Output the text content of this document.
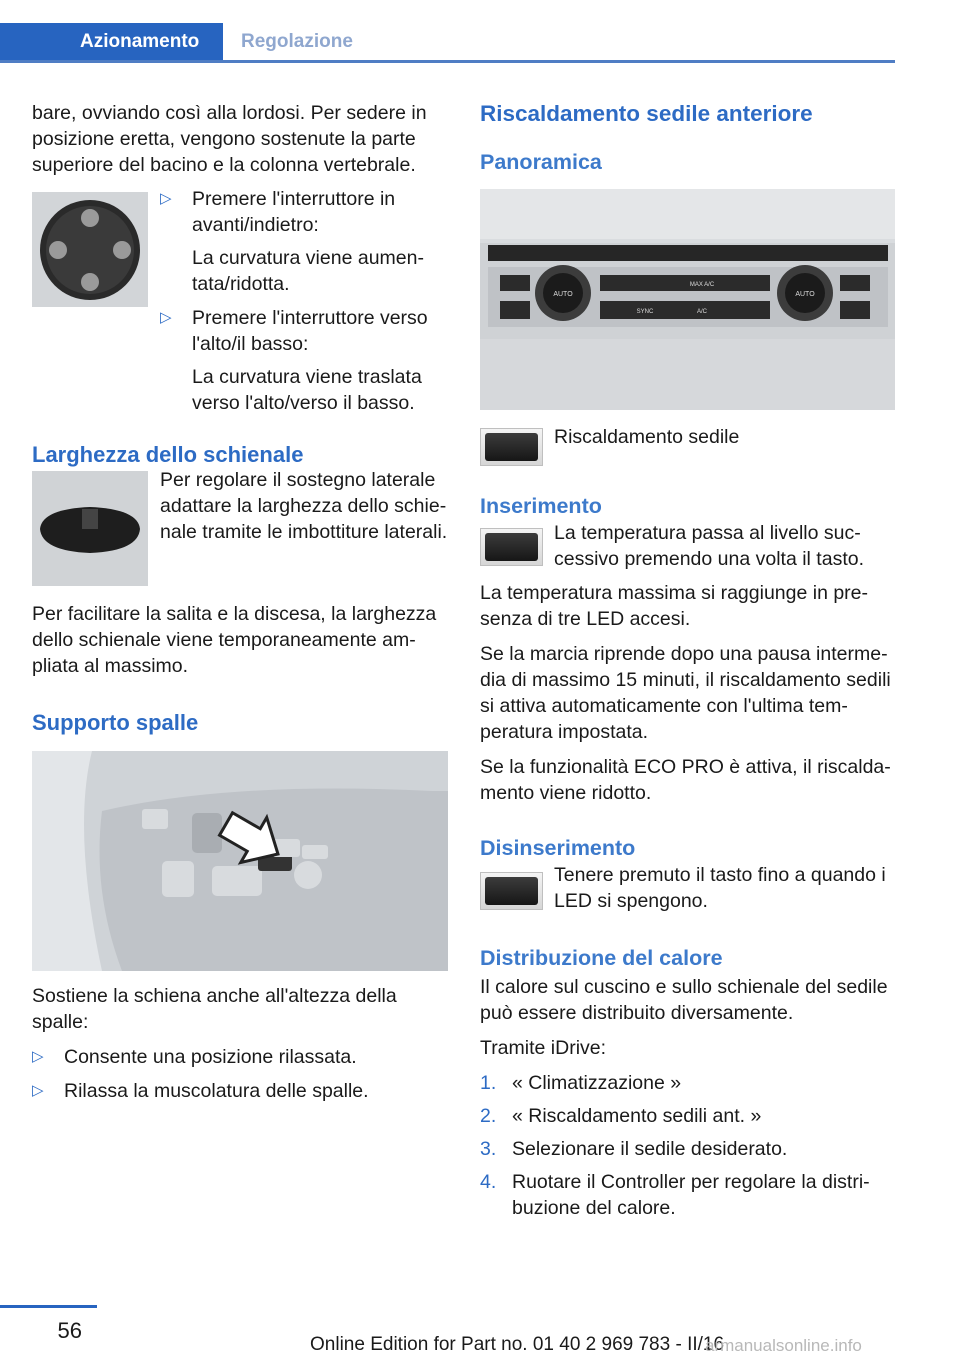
Azionamento	Regolazione

bare, ovviando così alla lordosi. Per sedere in posizione eretta, vengono sostenute la parte superiore del bacino e la colonna vertebrale.

▷ Premere l'interruttore in avanti/indietro:
La curvatura viene aumentata/ridotta.
▷ Premere l'interruttore verso l'alto/il basso:
La curvatura viene traslata verso l'alto/verso il basso.
Larghezza dello schienale
Per regolare il sostegno laterale adattare la larghezza dello schienale tramite le imbottiture laterali.

Per facilitare la salita e la discesa, la larghezza dello schienale viene temporaneamente ampliata al massimo.

Supporto spalle

Sostiene la schiena anche all'altezza della spalle:

▷ Consente una posizione rilassata.
▷ Rilassa la muscolatura delle spalle.
Riscaldamento sedile anteriore
Panoramica
AUTO
MAX A/C
SYNC	A/C
AUTO
Riscaldamento sedile
Inserimento
La temperatura passa al livello successivo premendo una volta il tasto.

La temperatura massima si raggiunge in presenza di tre LED accesi.

Se la marcia riprende dopo una pausa intermedia di massimo 15 minuti, il riscaldamento sedili si attiva automaticamente con l'ultima temperatura impostata.

Se la funzionalità ECO PRO è attiva, il riscaldamento viene ridotto.

Disinserimento
Tenere premuto il tasto fino a quando i LED si spengono.
Distribuzione del calore

Il calore sul cuscino e sullo schienale del sedile può essere distribuito diversamente.

Tramite iDrive:

1. « Climatizzazione »
2. « Riscaldamento sedili ant. »
3. Selezionare il sedile desiderato.
4. Ruotare il Controller per regolare la distribuzione del calore.
56
Online Edition for Part no. 01 40 2 969 783 - II/16
armanualsonline.info
